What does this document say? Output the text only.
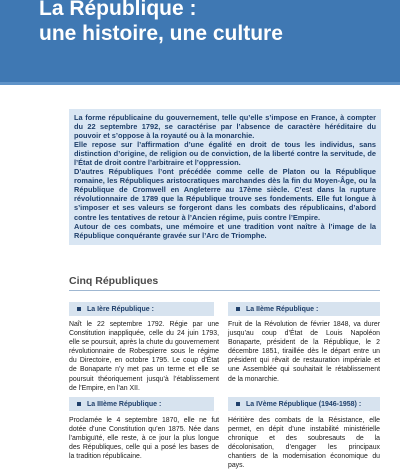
La République :
une histoire, une culture

La forme républicaine du gouvernement, telle qu’elle s’impose en France, à compter du 22 septembre 1792, se caractérise par l’absence de caractère héréditaire du pouvoir et s’oppose à la royauté ou à la monarchie.

Elle repose sur l’affirmation d’une égalité en droit de tous les individus, sans distinction d’origine, de religion ou de conviction, de la liberté contre la servitude, de l’État de droit contre l’arbitraire et l’oppression.

D’autres Républiques l’ont précédée comme celle de Platon ou la République romaine, les Républiques aristocratiques marchandes dès la fin du Moyen-Âge, ou la République de Cromwell en Angleterre au 17ème siècle. C’est dans la rupture révolutionnaire de 1789 que la République trouve ses fondements. Elle fut longue à s’imposer et ses valeurs se forgeront dans les combats des républicains, d’abord contre les tentatives de retour à l’Ancien régime, puis contre l’Empire.

Autour de ces combats, une mémoire et une tradition vont naître à l’image de la République conquérante gravée sur l’Arc de Triomphe.

Cinq Républiques
La Ière République :

Naît le 22 septembre 1792. Régie par une Constitution inappliquée, celle du 24 juin 1793, elle se poursuit, après la chute du gouvernement révolutionnaire de Robespierre sous le régime du Directoire, en octobre 1795. Le coup d’État de Bonaparte n’y met pas un terme et elle se poursuit théoriquement jusqu’à l’établissement de l’Empire, en l’an XII.

La IIème République :

Fruit de la Révolution de février 1848, va durer jusqu’au coup d’État de Louis Napoléon Bonaparte, président de la République, le 2 décembre 1851, tiraillée dès le départ entre un président qui rêvait de restauration impériale et une Assemblée qui souhaitait le rétablissement de la monarchie.

La IIIème République :

Proclamée le 4 septembre 1870, elle ne fut dotée d’une Constitution qu’en 1875. Née dans l’ambiguïté, elle reste, à ce jour la plus longue des Républiques, celle qui a posé les bases de la tradition républicaine.

La IVème République (1946-1958) :

Héritière des combats de la Résistance, elle permet, en dépit d’une instabilité ministérielle chronique et des soubresauts de la décolonisation, d’engager les principaux chantiers de la modernisation économique du pays.
